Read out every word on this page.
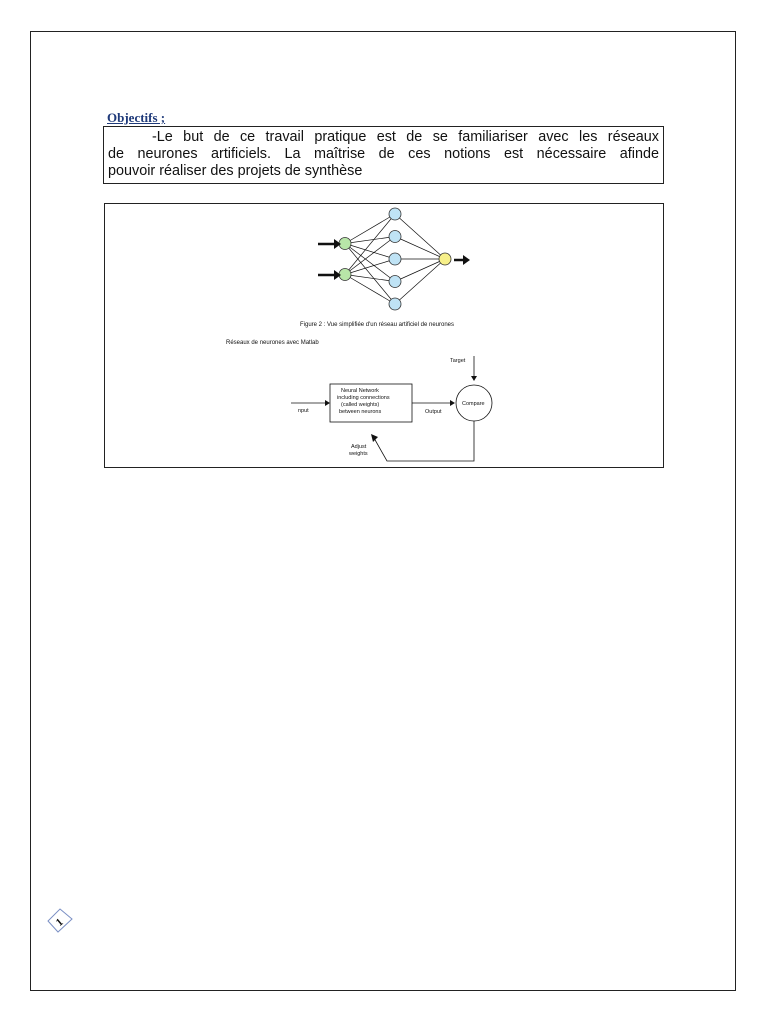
Objectifs ;
-Le but de ce travail pratique est de se familiariser avec les réseaux
de neurones artificiels. La maîtrise de ces notions est nécessaire afinde
pouvoir réaliser des projets de synthèse
Figure 2 : Vue simplifiée d'un réseau artificiel de neurones
Réseaux de neurones avec Matlab
Target
nput
Neural Network
including connections
(called weights)
between neurons	Output
Compare
Adjust
weights
1
